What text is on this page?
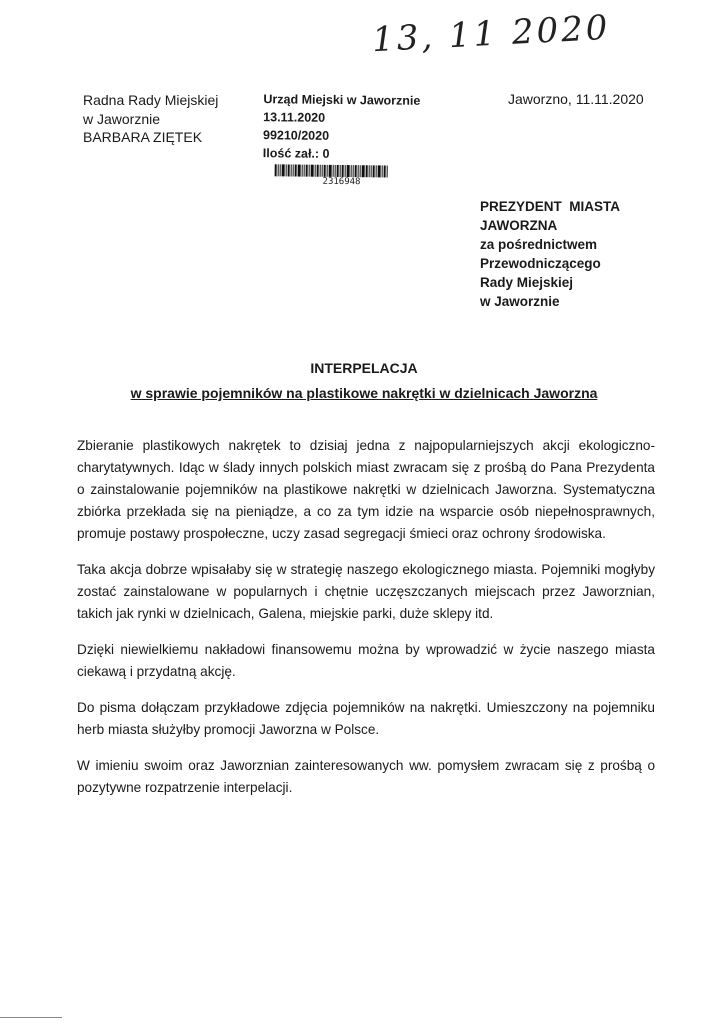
13, 11 2020
Radna Rady Miejskiej
w Jaworznie
BARBARA ZIĘTEK
Urząd Miejski w Jaworznie
13.11.2020
99210/2020
Ilość zał.: 0
2316948
Jaworzno, 11.11.2020
PREZYDENT  MIASTA
JAWORZNA
za pośrednictwem
Przewodniczącego
Rady Miejskiej
w Jaworznie
INTERPELACJA
w sprawie pojemników na plastikowe nakrętki w dzielnicach Jaworzna

Zbieranie plastikowych nakrętek to dzisiaj jedna z najpopularniejszych akcji ekologiczno-charytatywnych. Idąc w ślady innych polskich miast zwracam się z prośbą do Pana Prezydenta o zainstalowanie pojemników na plastikowe nakrętki w dzielnicach Jaworzna. Systematyczna zbiórka przekłada się na pieniądze, a co za tym idzie na wsparcie osób niepełnosprawnych, promuje postawy prospołeczne, uczy zasad segregacji śmieci oraz ochrony środowiska.

Taka akcja dobrze wpisałaby się w strategię naszego ekologicznego miasta. Pojemniki mogłyby zostać zainstalowane w popularnych i chętnie uczęszczanych miejscach przez Jaworznian, takich jak rynki w dzielnicach, Galena, miejskie parki, duże sklepy itd.

Dzięki niewielkiemu nakładowi finansowemu można by wprowadzić w życie naszego miasta ciekawą i przydatną akcję.

Do pisma dołączam przykładowe zdjęcia pojemników na nakrętki. Umieszczony na pojemniku herb miasta służyłby promocji Jaworzna w Polsce.

W imieniu swoim oraz Jaworznian zainteresowanych ww. pomysłem zwracam się z prośbą o pozytywne rozpatrzenie interpelacji.
